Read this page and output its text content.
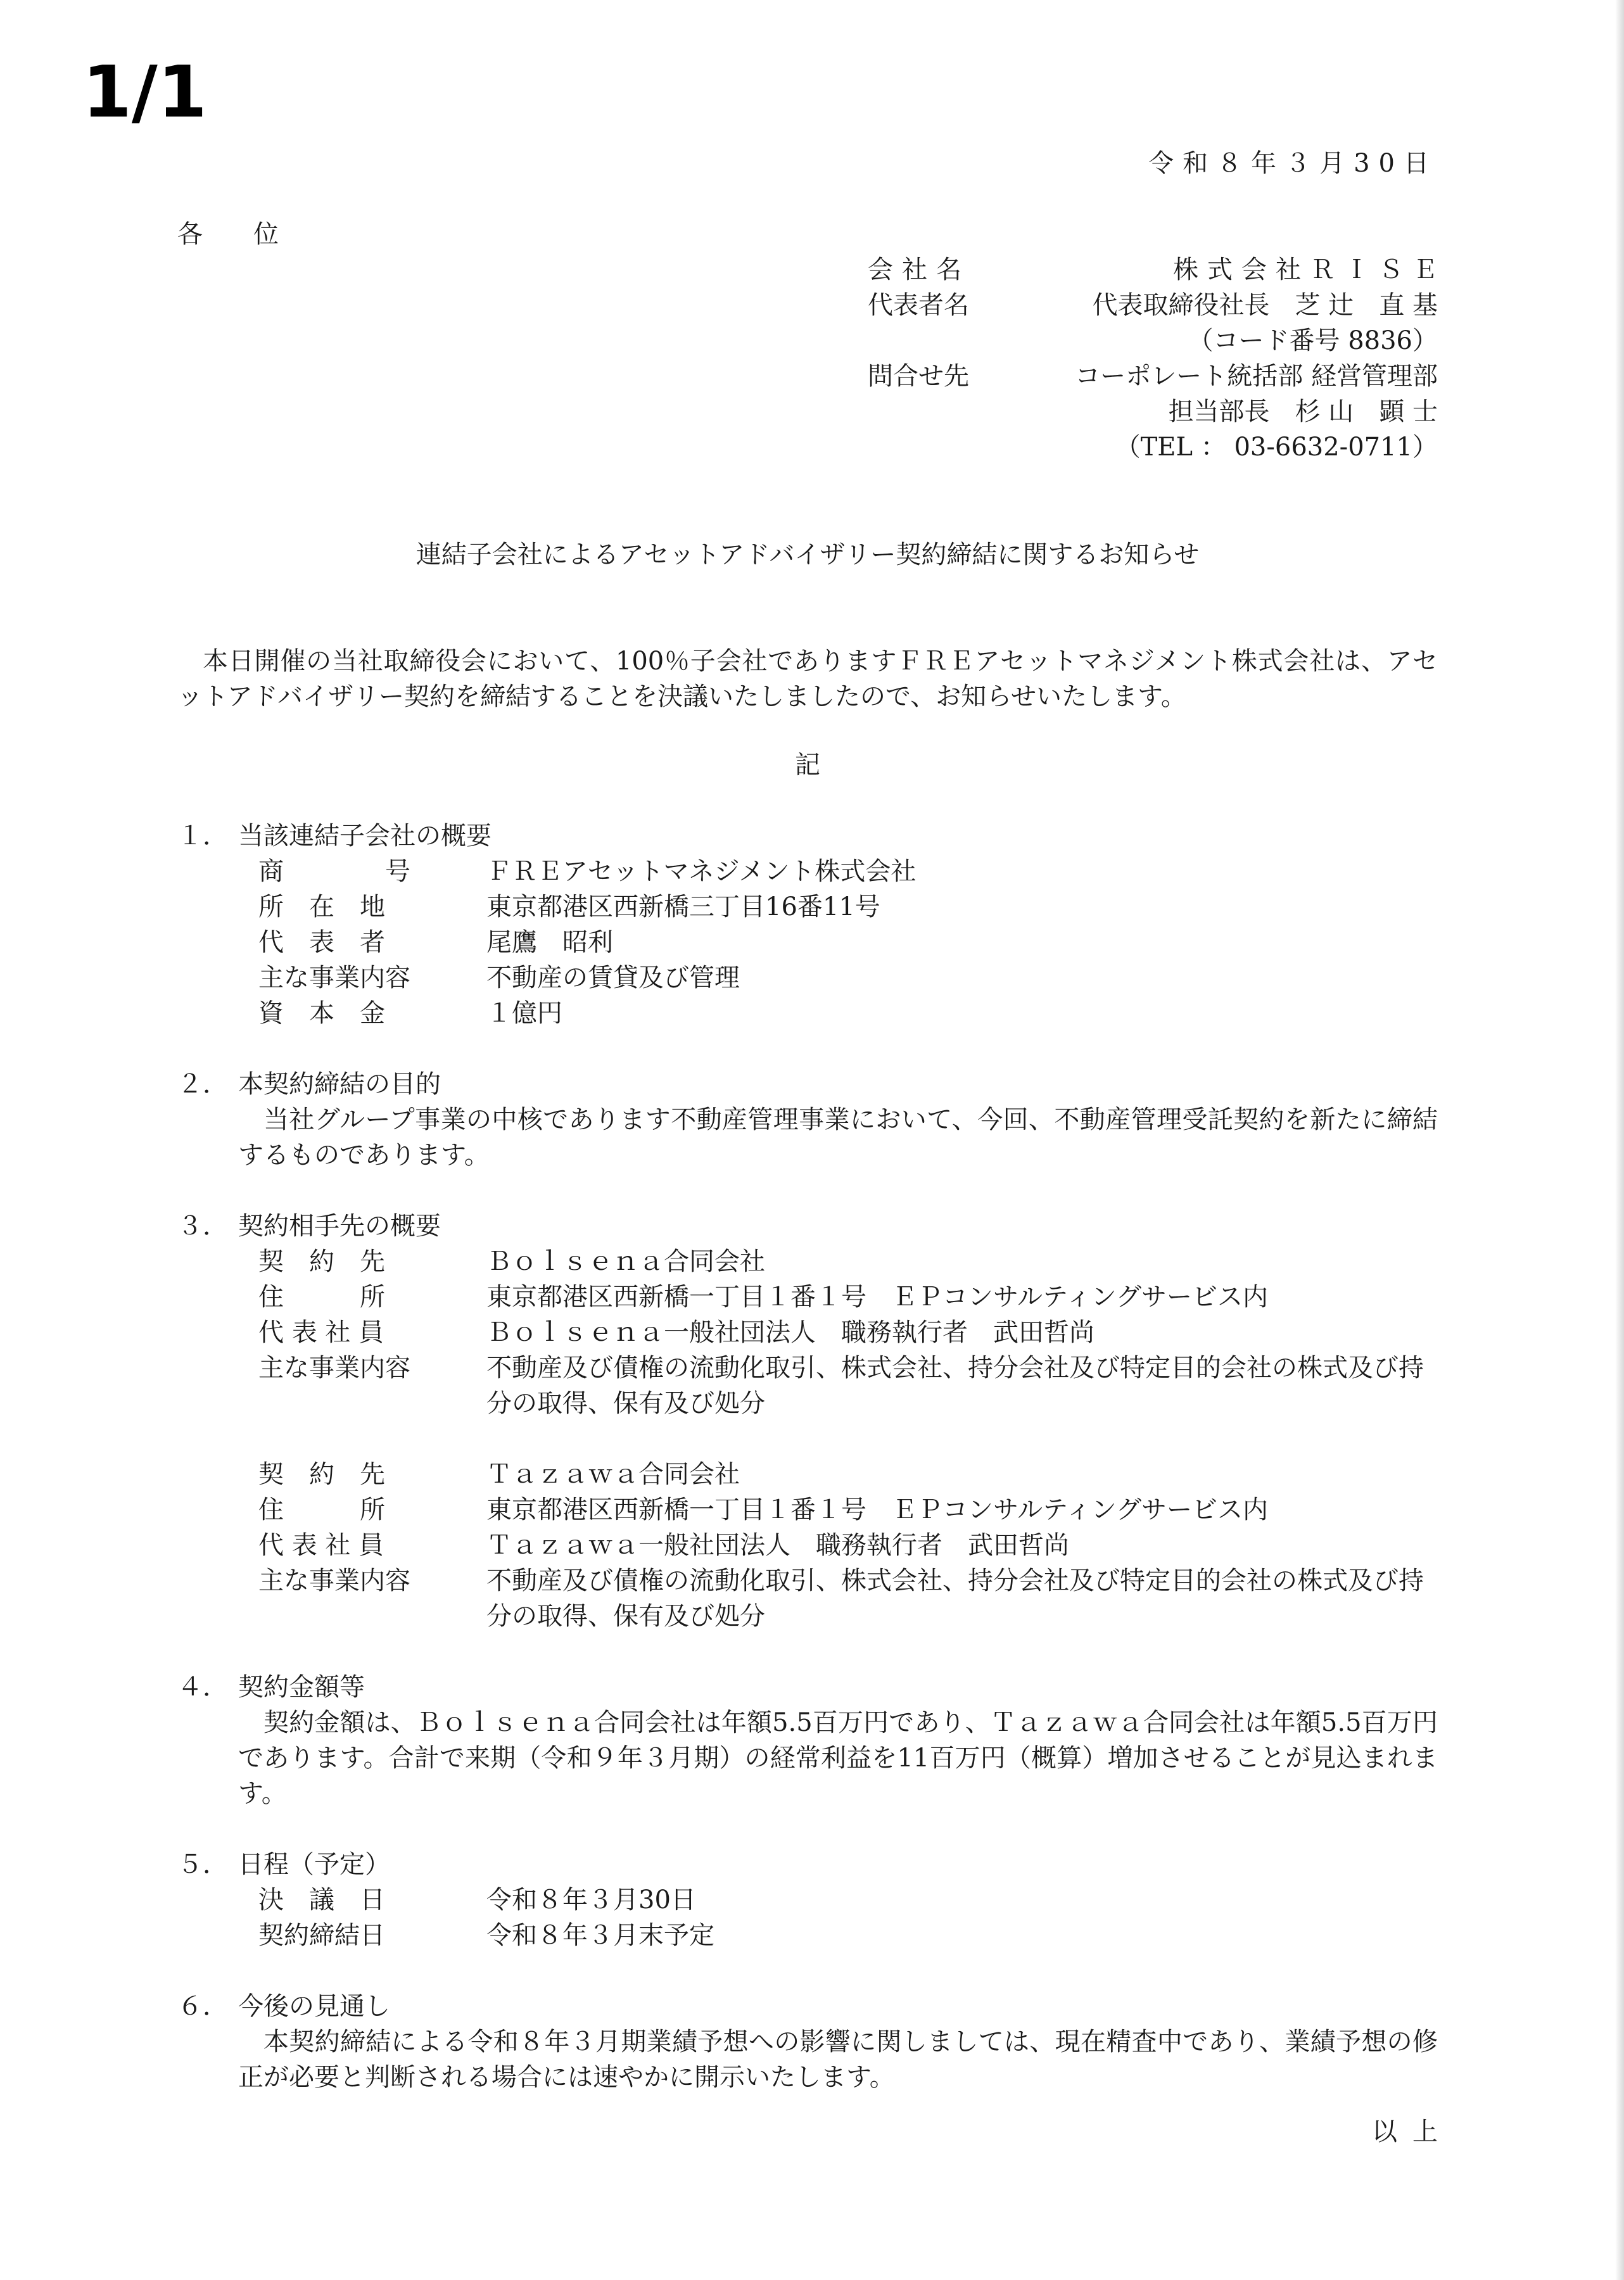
1/1
令和８年３月30日
各　　位
会社名	株式会社ＲＩＳＥ
代表者名	代表取締役社長　芝 辻　直 基
（コード番号 8836）
問合せ先	コーポレート統括部 経営管理部
担当部長　杉 山　顕 士
（TEL ： 03-6632-0711）
連結子会社によるアセットアドバイザリー契約締結に関するお知らせ

本日開催の当社取締役会において、100％子会社でありますＦＲＥアセットマネジメント株式会社は、アセットアドバイザリー契約を締結することを決議いたしましたので、お知らせいたします。

記
１． 当該連結子会社の概要
商　　　　号	ＦＲＥアセットマネジメント株式会社
所　在　地	東京都港区西新橋三丁目16番11号
代　表　者	尾鷹　昭利
主な事業内容	不動産の賃貸及び管理
資　本　金	１億円
２． 本契約締結の目的

当社グループ事業の中核であります不動産管理事業において、今回、不動産管理受託契約を新たに締結するものであります。

３． 契約相手先の概要
契　約　先	Ｂｏｌｓｅｎａ合同会社
住　　　所	東京都港区西新橋一丁目１番１号　ＥＰコンサルティングサービス内
代 表 社 員	Ｂｏｌｓｅｎａ一般社団法人　職務執行者　武田哲尚
主な事業内容	不動産及び債権の流動化取引、株式会社、持分会社及び特定目的会社の株式及び持分の取得、保有及び処分
契　約　先	Ｔａｚａｗａ合同会社
住　　　所	東京都港区西新橋一丁目１番１号　ＥＰコンサルティングサービス内
代 表 社 員	Ｔａｚａｗａ一般社団法人　職務執行者　武田哲尚
主な事業内容	不動産及び債権の流動化取引、株式会社、持分会社及び特定目的会社の株式及び持分の取得、保有及び処分
４． 契約金額等

契約金額は、Ｂｏｌｓｅｎａ合同会社は年額5.5百万円であり、Ｔａｚａｗａ合同会社は年額5.5百万円であります。合計で来期（令和９年３月期）の経常利益を11百万円（概算）増加させることが見込まれます。

５． 日程（予定）
決　議　日	令和８年３月30日
契約締結日	令和８年３月末予定
６． 今後の見通し

本契約締結による令和８年３月期業績予想への影響に関しましては、現在精査中であり、業績予想の修正が必要と判断される場合には速やかに開示いたします。

以上
